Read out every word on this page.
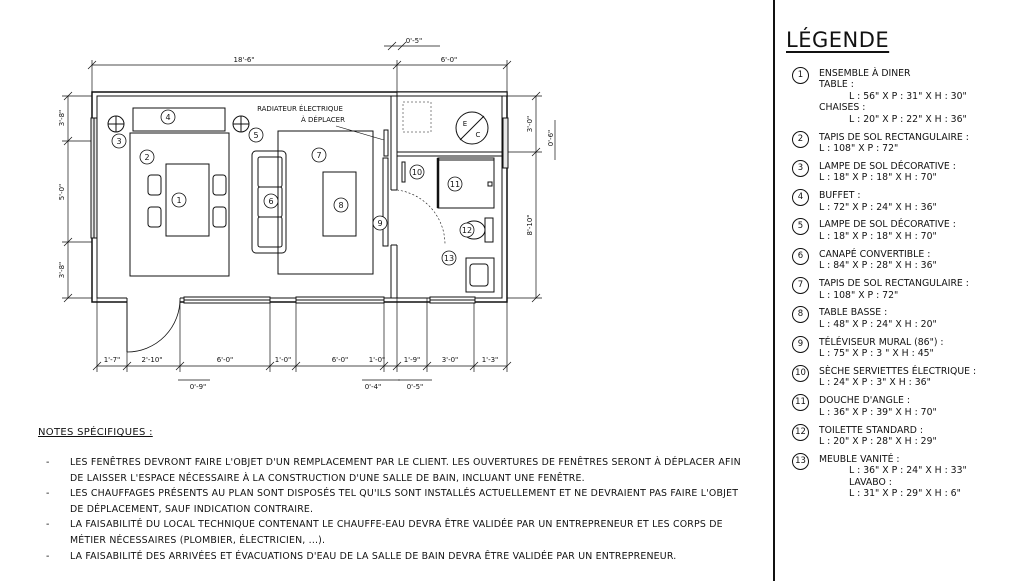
1
2
3
4
5
6
7
8
9
10
11
12
13
RADIATEUR ÉLECTRIQUE
À DÉPLACER	E
C
18'-6"	6'-0"
0'-5"
3'-8"
5'-0"
3'-8"
3'-0"
0'-6"
8'-10"
1'-7"	2'-10"	6'-0"	1'-0"	6'-0"	1'-0"	1'-9"	3'-0"	1'-3"
0'-9"	0'-4"	0'-5"
NOTES SPÉCIFIQUES :
- LES FENÊTRES DEVRONT FAIRE L'OBJET D'UN REMPLACEMENT PAR LE CLIENT. LES OUVERTURES DE FENÊTRES SERONT À DÉPLACER AFIN DE LAISSER L'ESPACE NÉCESSAIRE À LA CONSTRUCTION D'UNE SALLE DE BAIN, INCLUANT UNE FENÊTRE.
- LES CHAUFFAGES PRÉSENTS AU PLAN SONT DISPOSÉS TEL QU'ILS SONT INSTALLÉS ACTUELLEMENT ET NE DEVRAIENT PAS FAIRE L'OBJET DE DÉPLACEMENT, SAUF INDICATION CONTRAIRE.
- LA FAISABILITÉ DU LOCAL TECHNIQUE CONTENANT LE CHAUFFE-EAU DEVRA ÊTRE VALIDÉE PAR UN ENTREPRENEUR ET LES CORPS DE MÉTIER NÉCESSAIRES (PLOMBIER, ÉLECTRICIEN, ...).
- LA FAISABILITÉ DES ARRIVÉES ET ÉVACUATIONS D'EAU DE LA SALLE DE BAIN DEVRA ÊTRE VALIDÉE PAR UN ENTREPRENEUR.
LÉGENDE
1	ENSEMBLE À DINER
TABLE :
L : 56" X P : 31" X H : 30"
CHAISES :
L : 20" X P : 22" X H : 36"
2	TAPIS DE SOL RECTANGULAIRE :
L : 108" X P : 72"
3	LAMPE DE SOL DÉCORATIVE :
L : 18" X P : 18" X H : 70"
4	BUFFET :
L : 72" X P : 24" X H : 36"
5	LAMPE DE SOL DÉCORATIVE :
L : 18" X P : 18" X H : 70"
6	CANAPÉ CONVERTIBLE :
L : 84" X P : 28" X H : 36"
7	TAPIS DE SOL RECTANGULAIRE :
L : 108" X P : 72"
8	TABLE BASSE :
L : 48" X P : 24" X H : 20"
9	TÉLÉVISEUR MURAL (86") :
L : 75" X P : 3 " X H : 45"
10	SÈCHE SERVIETTES ÉLECTRIQUE :
L : 24" X P : 3" X H : 36"
11	DOUCHE D'ANGLE :
L : 36" X P : 39" X H : 70"
12	TOILETTE STANDARD :
L : 20" X P : 28" X H : 29"
13	MEUBLE VANITÉ :
L : 36" X P : 24" X H : 33"
LAVABO :
L : 31" X P : 29" X H : 6"
